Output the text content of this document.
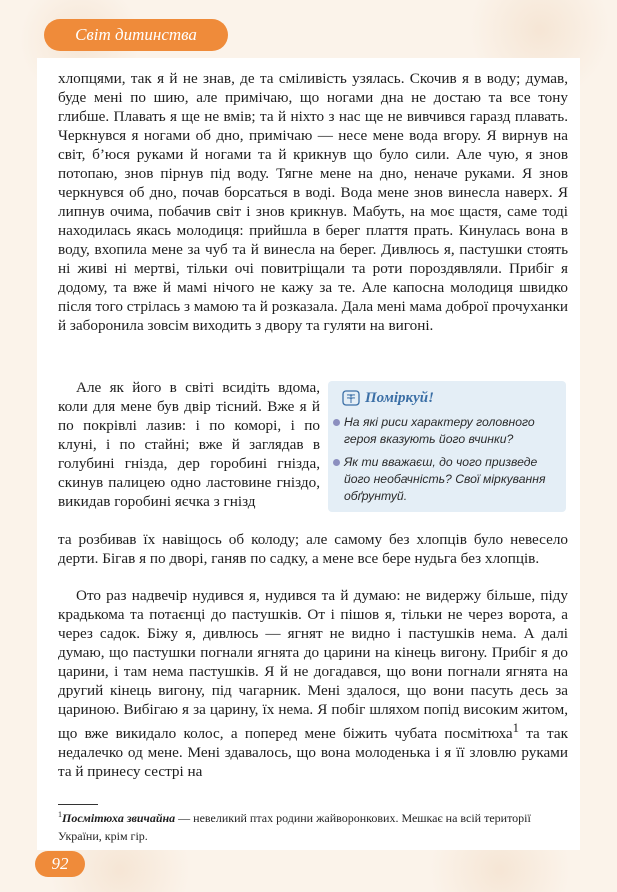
Світ дитинства

хлопцями, так я й не знав, де та сміливість узялась. Скочив я в воду; думав, буде мені по шию, але примічаю, що ногами дна не достаю та все тону глибше. Плавать я ще не вмів; та й ніхто з нас ще не вивчився гаразд плавать. Черкнувся я ногами об дно, примічаю — несе мене вода вгору. Я вирнув на світ, б’юся руками й ногами та й крикнув що було сили. Але чую, я знов потопаю, знов пірнув під воду. Тягне мене на дно, неначе руками. Я знов черкнувся об дно, почав борсаться в воді. Вода мене знов винесла наверх. Я липнув очима, побачив світ і знов крикнув. Мабуть, на моє щастя, саме тоді находилась якась молодиця: прийшла в берег плаття прать. Кинулась вона в воду, вхопила мене за чуб та й винесла на берег. Дивлюсь я, пастушки стоять ні живі ні мертві, тільки очі повитріщали та роти пороздявляли. Прибіг я додому, та вже й мамі нічого не кажу за те. Але капосна молодиця швидко після того стрілась з мамою та й розказала. Дала мені мама доброї прочуханки й заборонила зовсім виходить з двору та гуляти на вигоні.

Але як його в світі всидіть вдома, коли для мене був двір тісний. Вже я й по покрівлі лазив: і по коморі, і по клуні, і по стайні; вже й заглядав в голубині гнізда, дер горобині гнізда, скинув палицею одно ластовине гніздо, викидав горобині яєчка з гнізд

Поміркуй!
На які риси характеру головного героя вказують його вчинки?
Як ти вважаєш, до чого призведе його необачність? Свої міркування обґрунтуй.

та розбивав їх навіщось об колоду; але самому без хлопців було невесело дерти. Бігав я по дворі, ганяв по садку, а мене все бере нудьга без хлопців.

Ото раз надвечір нудився я, нудився та й думаю: не видержу більше, піду крадькома та потаєнці до пастушків. От і пішов я, тільки не через ворота, а через садок. Біжу я, дивлюсь — ягнят не видно і пастушків нема. А далі думаю, що пастушки погнали ягнята до царини на кінець вигону. Прибіг я до царини, і там нема пастушків. Я й не догадався, що вони погнали ягнята на другий кінець вигону, під чагарник. Мені здалося, що вони пасуть десь за цариною. Вибігаю я за царину, їх нема. Я побіг шляхом попід високим житом, що вже викидало колос, а поперед мене біжить чубата посмітюха$^1$ та так недалечко од мене. Мені здавалось, що вона молоденька і я її зловлю руками та й принесу сестрі на

$^1$Посмітюха звичайна — невеликий птах родини жайворонкових. Мешкає на всій території України, крім гір.
92
